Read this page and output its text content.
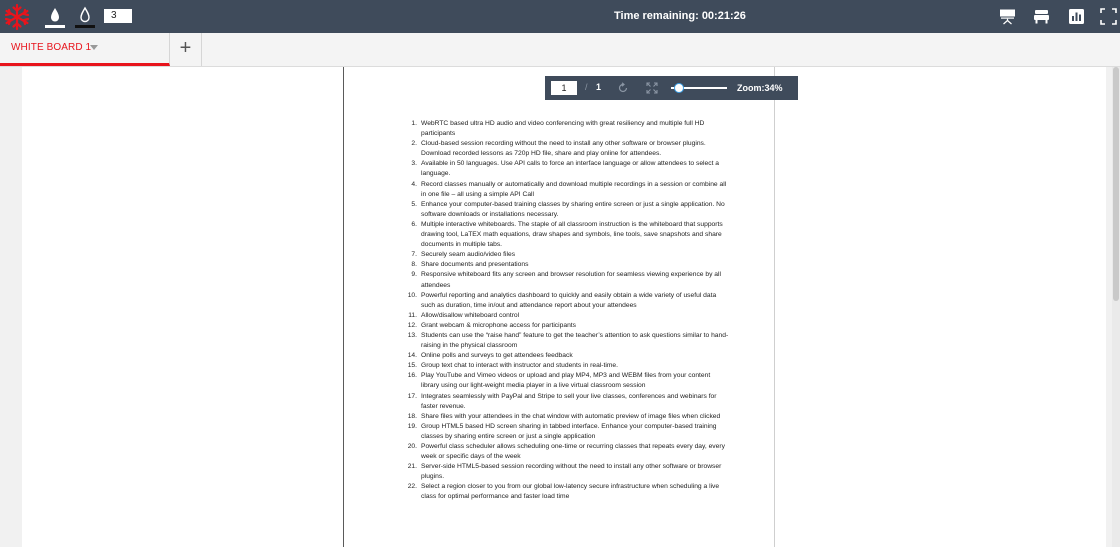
3	Time remaining: 00:21:26
WHITE BOARD 1	+
1
/ 1	Zoom:34%
1. WebRTC based ultra HD audio and video conferencing with great resiliency and multiple full HD participants
2. Cloud-based session recording without the need to install any other software or browser plugins. Download recorded lessons as 720p HD file, share and play online for attendees.
3. Available in 50 languages. Use API calls to force an interface language or allow attendees to select a language.
4. Record classes manually or automatically and download multiple recordings in a session or combine all in one file – all using a simple API Call
5. Enhance your computer-based training classes by sharing entire screen or just a single application. No software downloads or installations necessary.
6. Multiple interactive whiteboards. The staple of all classroom instruction is the whiteboard that supports drawing tool, LaTEX math equations, draw shapes and symbols, line tools, save snapshots and share documents in multiple tabs.
7. Securely seam audio/video files
8. Share documents and presentations
9. Responsive whiteboard fits any screen and browser resolution for seamless viewing experience by all attendees
10. Powerful reporting and analytics dashboard to quickly and easily obtain a wide variety of useful data such as duration, time in/out and attendance report about your attendees
11. Allow/disallow whiteboard control
12. Grant webcam & microphone access for participants
13. Students can use the “raise hand” feature to get the teacher’s attention to ask questions similar to hand-raising in the physical classroom
14. Online polls and surveys to get attendees feedback
15. Group text chat to interact with instructor and students in real-time.
16. Play YouTube and Vimeo videos or upload and play MP4, MP3 and WEBM files from your content library using our light-weight media player in a live virtual classroom session
17. Integrates seamlessly with PayPal and Stripe to sell your live classes, conferences and webinars for faster revenue.
18. Share files with your attendees in the chat window with automatic preview of image files when clicked
19. Group HTML5 based HD screen sharing in tabbed interface. Enhance your computer-based training classes by sharing entire screen or just a single application
20. Powerful class scheduler allows scheduling one-time or recurring classes that repeats every day, every week or specific days of the week
21. Server-side HTML5-based session recording without the need to install any other software or browser plugins.
22. Select a region closer to you from our global low-latency secure infrastructure when scheduling a live class for optimal performance and faster load time
